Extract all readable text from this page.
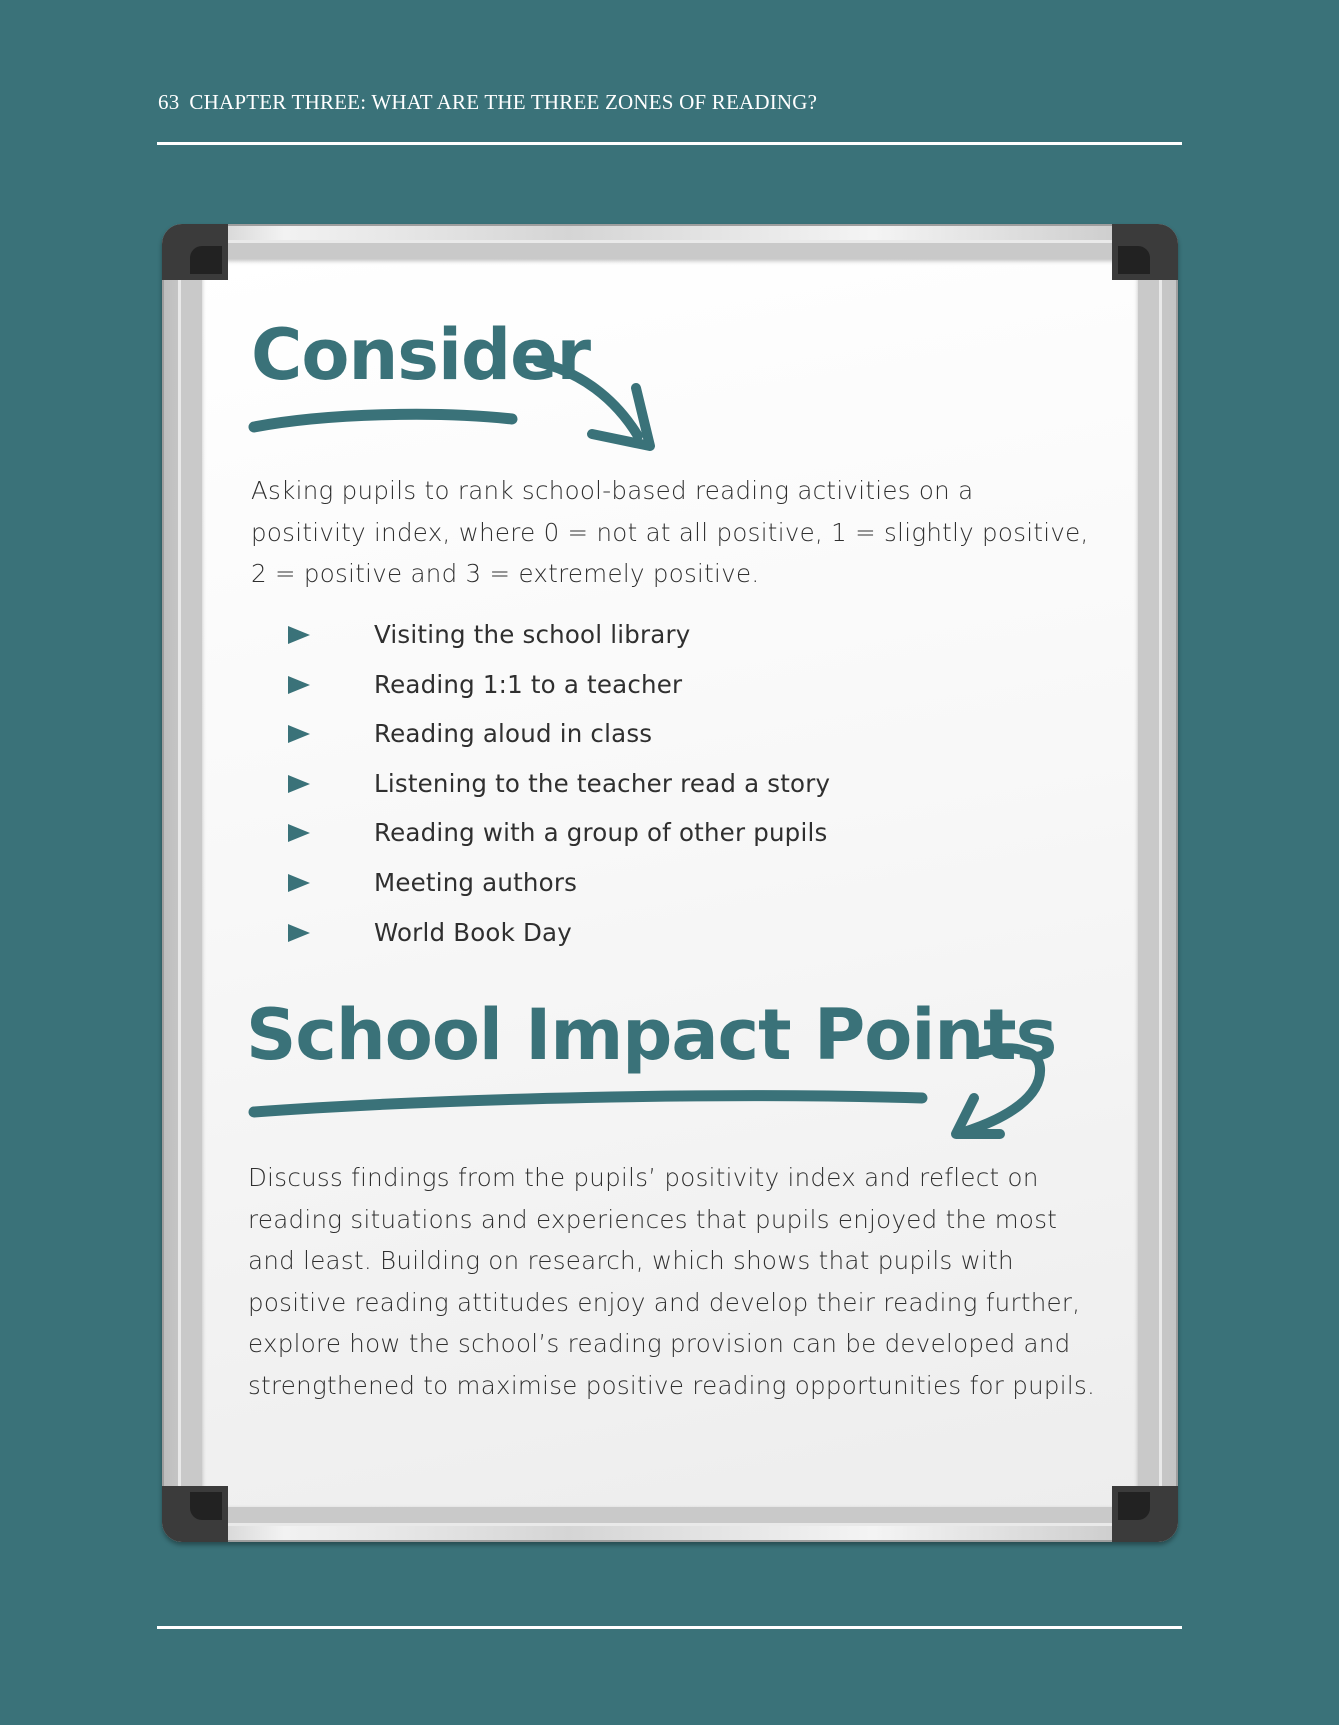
63 CHAPTER THREE: WHAT ARE THE THREE ZONES OF READING?
Consider
Asking pupils to rank school-based reading activities on a positivity index, where 0 = not at all positive, 1 = slightly positive, 2 = positive and 3 = extremely positive.
Visiting the school library
Reading 1:1 to a teacher
Reading aloud in class
Listening to the teacher read a story
Reading with a group of other pupils
Meeting authors
World Book Day
School Impact Points
Discuss findings from the pupils’ positivity index and reflect on reading situations and experiences that pupils enjoyed the most and least. Building on research, which shows that pupils with positive reading attitudes enjoy and develop their reading further, explore how the school’s reading provision can be developed and strengthened to maximise positive reading opportunities for pupils.
